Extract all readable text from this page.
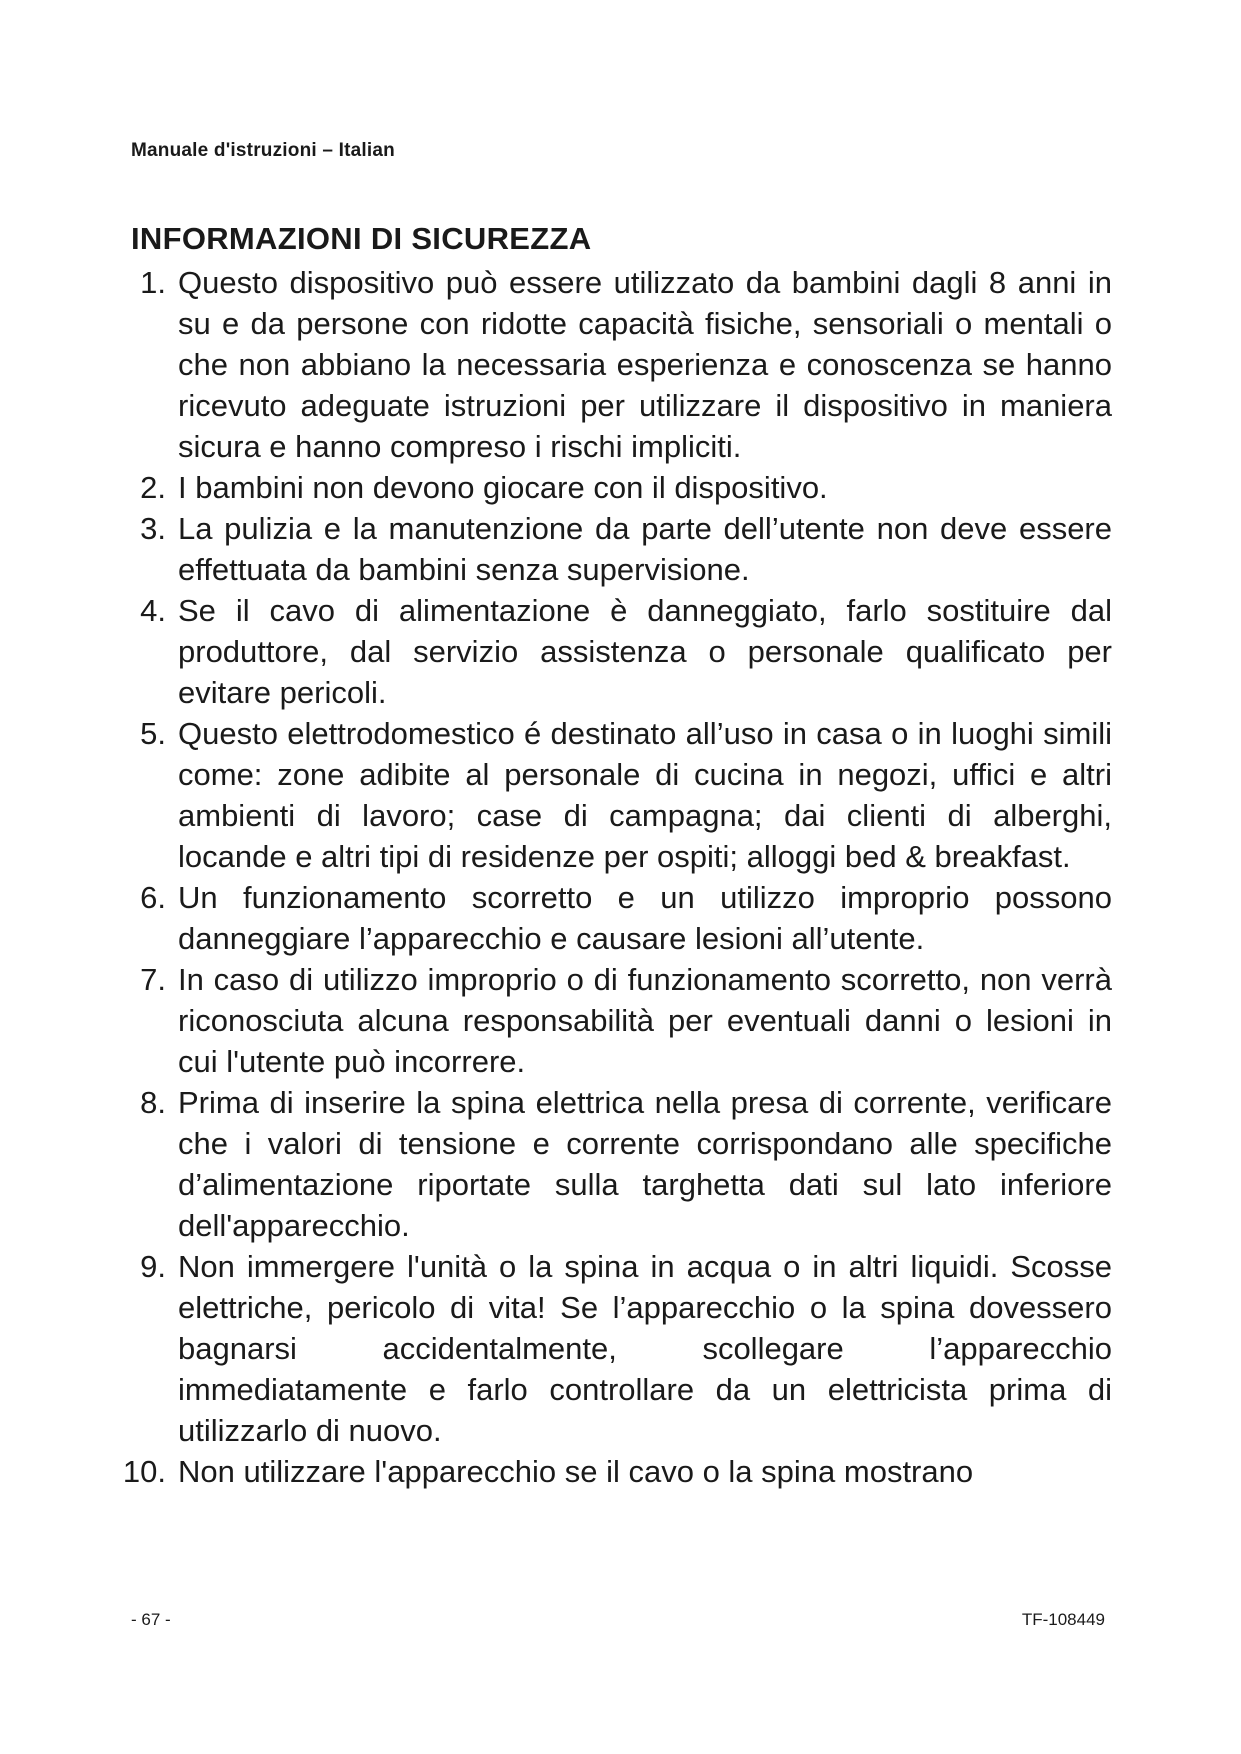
Manuale d'istruzioni – Italian
INFORMAZIONI DI SICUREZZA
1. Questo dispositivo può essere utilizzato da bambini dagli 8 anni in su e da persone con ridotte capacità fisiche, sensoriali o mentali o che non abbiano la necessaria esperienza e conoscenza se hanno ricevuto adeguate istruzioni per utilizzare il dispositivo in maniera sicura e hanno compreso i rischi impliciti.
2. I bambini non devono giocare con il dispositivo.
3. La pulizia e la manutenzione da parte dell’utente non deve essere effettuata da bambini senza supervisione.
4. Se il cavo di alimentazione è danneggiato, farlo sostituire dal produttore, dal servizio assistenza o personale qualificato per evitare pericoli.
5. Questo elettrodomestico é destinato all’uso in casa o in luoghi simili come: zone adibite al personale di cucina in negozi, uffici e altri ambienti di lavoro; case di campagna; dai clienti di alberghi, locande e altri tipi di residenze per ospiti; alloggi bed & breakfast.
6. Un funzionamento scorretto e un utilizzo improprio possono danneggiare l’apparecchio e causare lesioni all’utente.
7. In caso di utilizzo improprio o di funzionamento scorretto, non verrà riconosciuta alcuna responsabilità per eventuali danni o lesioni in cui l'utente può incorrere.
8. Prima di inserire la spina elettrica nella presa di corrente, verificare che i valori di tensione e corrente corrispondano alle specifiche d’alimentazione riportate sulla targhetta dati sul lato inferiore dell'apparecchio.
9. Non immergere l'unità o la spina in acqua o in altri liquidi. Scosse elettriche, pericolo di vita! Se l’apparecchio o la spina dovessero bagnarsi accidentalmente, scollegare l’apparecchio immediatamente e farlo controllare da un elettricista prima di utilizzarlo di nuovo.
10. Non utilizzare l'apparecchio se il cavo o la spina mostrano
- 67 -	TF-108449
